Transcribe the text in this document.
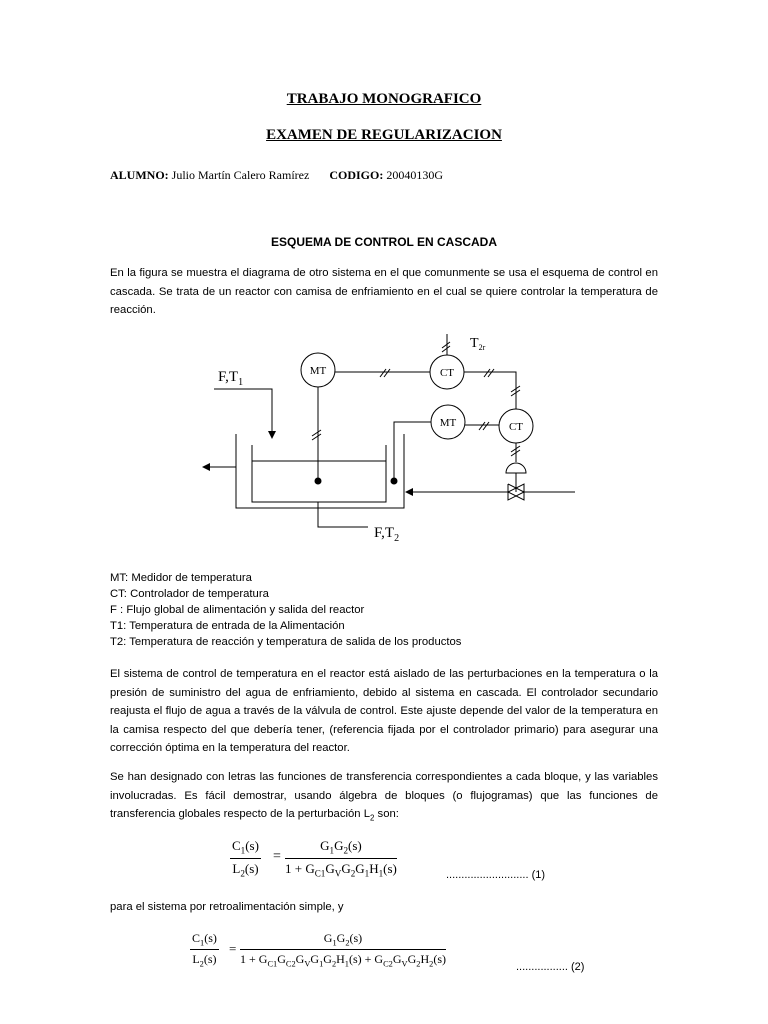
TRABAJO MONOGRAFICO
EXAMEN DE REGULARIZACION
ALUMNO: Julio Martín Calero Ramírez CODIGO: 20040130G
ESQUEMA DE CONTROL EN CASCADA
En la figura se muestra el diagrama de otro sistema en el que comunmente se usa el esquema de control en cascada. Se trata de un reactor con camisa de enfriamiento en el cual se quiere controlar la temperatura de reacción.
$F,T_1$
$F,T_2$
MT	CT
$T_{2r}$
MT	CT
MT: Medidor de temperatura
CT: Controlador de temperatura
F : Flujo global de alimentación y salida del reactor
T1: Temperatura de entrada de la Alimentación
T2: Temperatura de reacción y temperatura de salida de los productos
El sistema de control de temperatura en el reactor está aislado de las perturbaciones en la temperatura o la presión de suministro del agua de enfriamiento, debido al sistema en cascada. El controlador secundario reajusta el flujo de agua a través de la válvula de control. Este ajuste depende del valor de la temperatura en la camisa respecto del que debería tener, (referencia fijada por el controlador primario) para asegurar una corrección óptima en la temperatura del reactor.
Se han designado con letras las funciones de transferencia correspondientes a cada bloque, y las variables involucradas. Es fácil demostrar, usando álgebra de bloques (o flujogramas) que las funciones de transferencia globales respecto de la perturbación $L_2$ son:
$\frac{C_1(s)}{L_2(s)}$ =
$G_1G_2(s)$
$1 + G_{C1}G_VG_2G_1H_1(s)$	........................... (1)
para el sistema por retroalimentación simple, y
$\frac{C_1(s)}{L_2(s)}$ =
$G_1G_2(s)$
$1 + G_{C1}G_{C2}G_VG_1G_2H_1(s) + G_{C2}G_VG_2H_2(s)$
................. (2)
